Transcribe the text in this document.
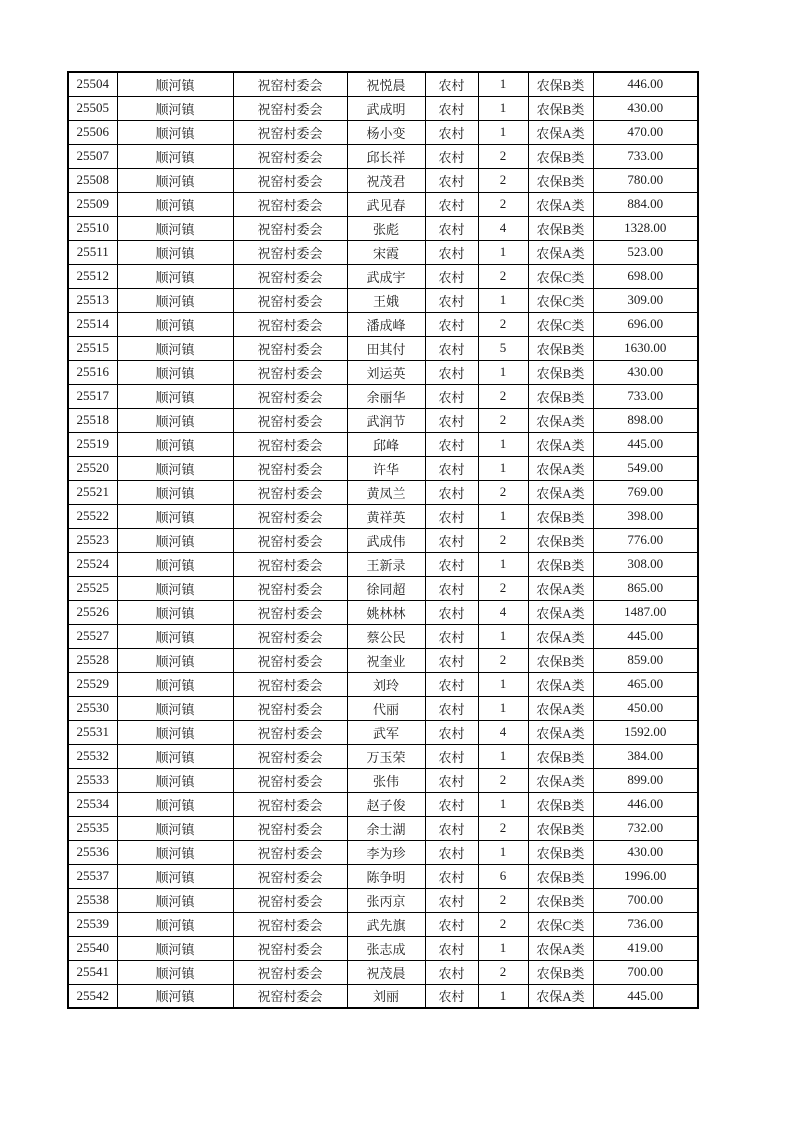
25504	顺河镇	祝窑村委会	祝悦晨	农村	1	农保B类	446.00
25505	顺河镇	祝窑村委会	武成明	农村	1	农保B类	430.00
25506	顺河镇	祝窑村委会	杨小变	农村	1	农保A类	470.00
25507	顺河镇	祝窑村委会	邱长祥	农村	2	农保B类	733.00
25508	顺河镇	祝窑村委会	祝茂君	农村	2	农保B类	780.00
25509	顺河镇	祝窑村委会	武见春	农村	2	农保A类	884.00
25510	顺河镇	祝窑村委会	张彪	农村	4	农保B类	1328.00
25511	顺河镇	祝窑村委会	宋霞	农村	1	农保A类	523.00
25512	顺河镇	祝窑村委会	武成宇	农村	2	农保C类	698.00
25513	顺河镇	祝窑村委会	王娥	农村	1	农保C类	309.00
25514	顺河镇	祝窑村委会	潘成峰	农村	2	农保C类	696.00
25515	顺河镇	祝窑村委会	田其付	农村	5	农保B类	1630.00
25516	顺河镇	祝窑村委会	刘运英	农村	1	农保B类	430.00
25517	顺河镇	祝窑村委会	余丽华	农村	2	农保B类	733.00
25518	顺河镇	祝窑村委会	武润节	农村	2	农保A类	898.00
25519	顺河镇	祝窑村委会	邱峰	农村	1	农保A类	445.00
25520	顺河镇	祝窑村委会	许华	农村	1	农保A类	549.00
25521	顺河镇	祝窑村委会	黄凤兰	农村	2	农保A类	769.00
25522	顺河镇	祝窑村委会	黄祥英	农村	1	农保B类	398.00
25523	顺河镇	祝窑村委会	武成伟	农村	2	农保B类	776.00
25524	顺河镇	祝窑村委会	王新录	农村	1	农保B类	308.00
25525	顺河镇	祝窑村委会	徐同超	农村	2	农保A类	865.00
25526	顺河镇	祝窑村委会	姚林林	农村	4	农保A类	1487.00
25527	顺河镇	祝窑村委会	蔡公民	农村	1	农保A类	445.00
25528	顺河镇	祝窑村委会	祝奎业	农村	2	农保B类	859.00
25529	顺河镇	祝窑村委会	刘玲	农村	1	农保A类	465.00
25530	顺河镇	祝窑村委会	代丽	农村	1	农保A类	450.00
25531	顺河镇	祝窑村委会	武军	农村	4	农保A类	1592.00
25532	顺河镇	祝窑村委会	万玉荣	农村	1	农保B类	384.00
25533	顺河镇	祝窑村委会	张伟	农村	2	农保A类	899.00
25534	顺河镇	祝窑村委会	赵子俊	农村	1	农保B类	446.00
25535	顺河镇	祝窑村委会	余士湖	农村	2	农保B类	732.00
25536	顺河镇	祝窑村委会	李为珍	农村	1	农保B类	430.00
25537	顺河镇	祝窑村委会	陈争明	农村	6	农保B类	1996.00
25538	顺河镇	祝窑村委会	张丙京	农村	2	农保B类	700.00
25539	顺河镇	祝窑村委会	武先旗	农村	2	农保C类	736.00
25540	顺河镇	祝窑村委会	张志成	农村	1	农保A类	419.00
25541	顺河镇	祝窑村委会	祝茂晨	农村	2	农保B类	700.00
25542	顺河镇	祝窑村委会	刘丽	农村	1	农保A类	445.00
